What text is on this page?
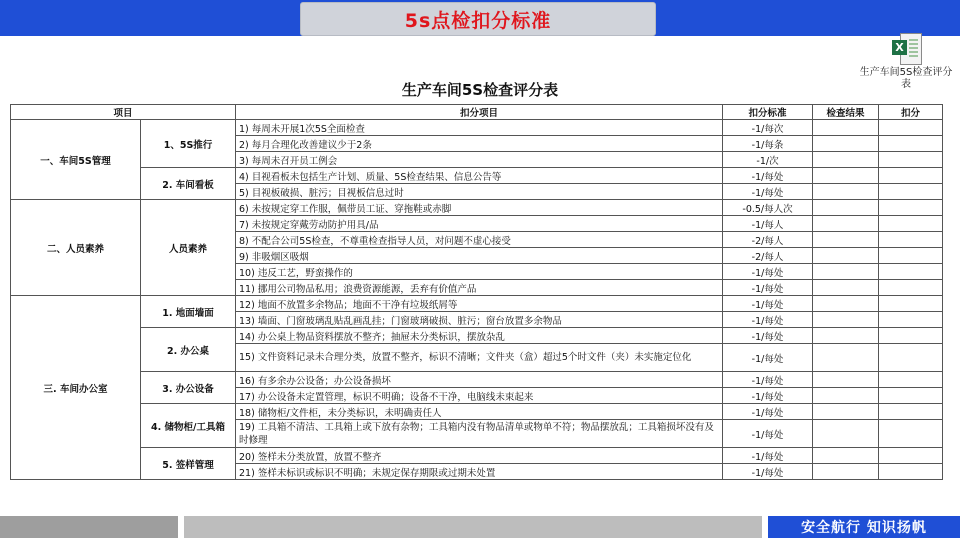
5s点检扣分标准
生产车间5S检查评分表
X
生产车间5S检查评分表
项目		扣分项目	扣分标准	检查结果	扣分
一、车间5S管理	1、5S推行	1) 每周未开展1次5S全面检查	-1/每次		
		2) 每月合理化改善建议少于2条	-1/每条		
		3) 每周未召开员工例会	-1/次		
	2. 车间看板	4) 目视看板未包括生产计划、质量、5S检查结果、信息公告等	-1/每处		
		5) 目视板破损、脏污；目视板信息过时	-1/每处		
二、人员素养	人员素养	6) 未按规定穿工作服，佩带员工证、穿拖鞋或赤脚	-0.5/每人次		
		7) 未按规定穿戴劳动防护用具/品	-1/每人		
		8) 不配合公司5S检查，不尊重检查指导人员，对问题不虚心接受	-2/每人		
		9) 非吸烟区吸烟	-2/每人		
		10) 违反工艺，野蛮操作的	-1/每处		
		11) 挪用公司物品私用；浪费资源能源，丢弃有价值产品	-1/每处		
三. 车间办公室	1. 地面墙面	12) 地面不放置多余物品；地面不干净有垃圾纸屑等	-1/每处		
		13) 墙面、门窗玻璃乱贴乱画乱挂；门窗玻璃破损、脏污；窗台放置多余物品	-1/每处		
	2. 办公桌	14) 办公桌上物品资料摆放不整齐；抽屉未分类标识，摆放杂乱	-1/每处		
		15) 文件资料记录未合理分类，放置不整齐，标识不清晰；文件夹（盒）超过5个时文件（夹）未实施定位化	-1/每处		
	3. 办公设备	16) 有多余办公设备；办公设备损坏	-1/每处		
		17) 办公设备未定置管理，标识不明确；设备不干净，电脑线未束起来	-1/每处		
	4. 储物柜/工具箱	18) 储物柜/文件柜，未分类标识，未明确责任人	-1/每处		
		19) 工具箱不清洁、工具箱上或下放有杂物；工具箱内没有物品清单或物单不符；物品摆放乱；工具箱损坏没有及时修理	-1/每处		
	5. 签样管理	20) 签样未分类放置，放置不整齐	-1/每处		
		21) 签样未标识或标识不明确；未规定保存期限或过期未处置	-1/每处		
安全航行 知识扬帆
